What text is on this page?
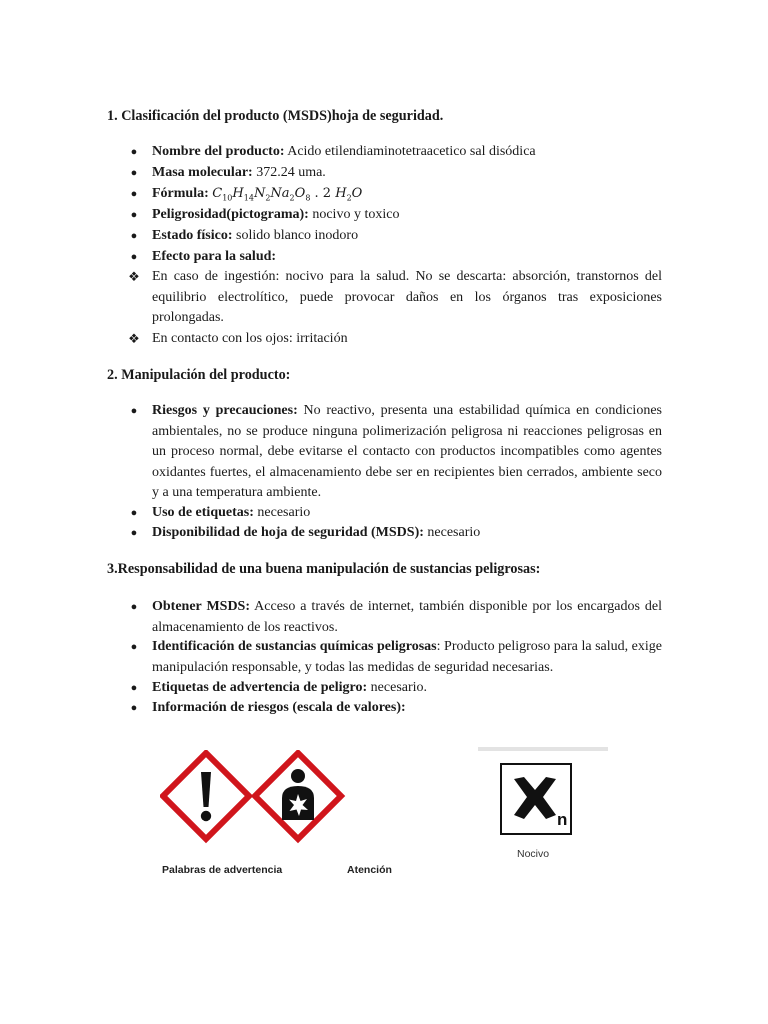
1. Clasificación del producto (MSDS)hoja de seguridad.
● Nombre del producto: Acido etilendiaminotetraacetico sal disódica
● Masa molecular: 372.24 uma.
● Fórmula: $C_{10}H_{14}N_2Na_2O_8$ . 2 $H_2O$
● Peligrosidad(pictograma): nocivo y toxico
● Estado físico: solido blanco inodoro
● Efecto para la salud:
❖ En caso de ingestión: nocivo para la salud. No se descarta: absorción, transtornos del equilibrio electrolítico, puede provocar daños en los órganos tras exposiciones prolongadas.
❖ En contacto con los ojos: irritación
2. Manipulación del producto:
● Riesgos y precauciones: No reactivo, presenta una estabilidad química en condiciones ambientales, no se produce ninguna polimerización peligrosa ni reacciones peligrosas en un proceso normal, debe evitarse el contacto con productos incompatibles como agentes oxidantes fuertes, el almacenamiento debe ser en recipientes bien cerrados, ambiente seco y a una temperatura ambiente.
● Uso de etiquetas: necesario
● Disponibilidad de hoja de seguridad (MSDS): necesario
3.Responsabilidad de una buena manipulación de sustancias peligrosas:
● Obtener MSDS: Acceso a través de internet, también disponible por los encargados del almacenamiento de los reactivos.
● Identificación de sustancias químicas peligrosas: Producto peligroso para la salud, exige manipulación responsable, y todas las medidas de seguridad necesarias.
● Etiquetas de advertencia de peligro: necesario.
● Información de riesgos (escala de valores):
Palabras de advertencia	Atención
n
Nocivo
